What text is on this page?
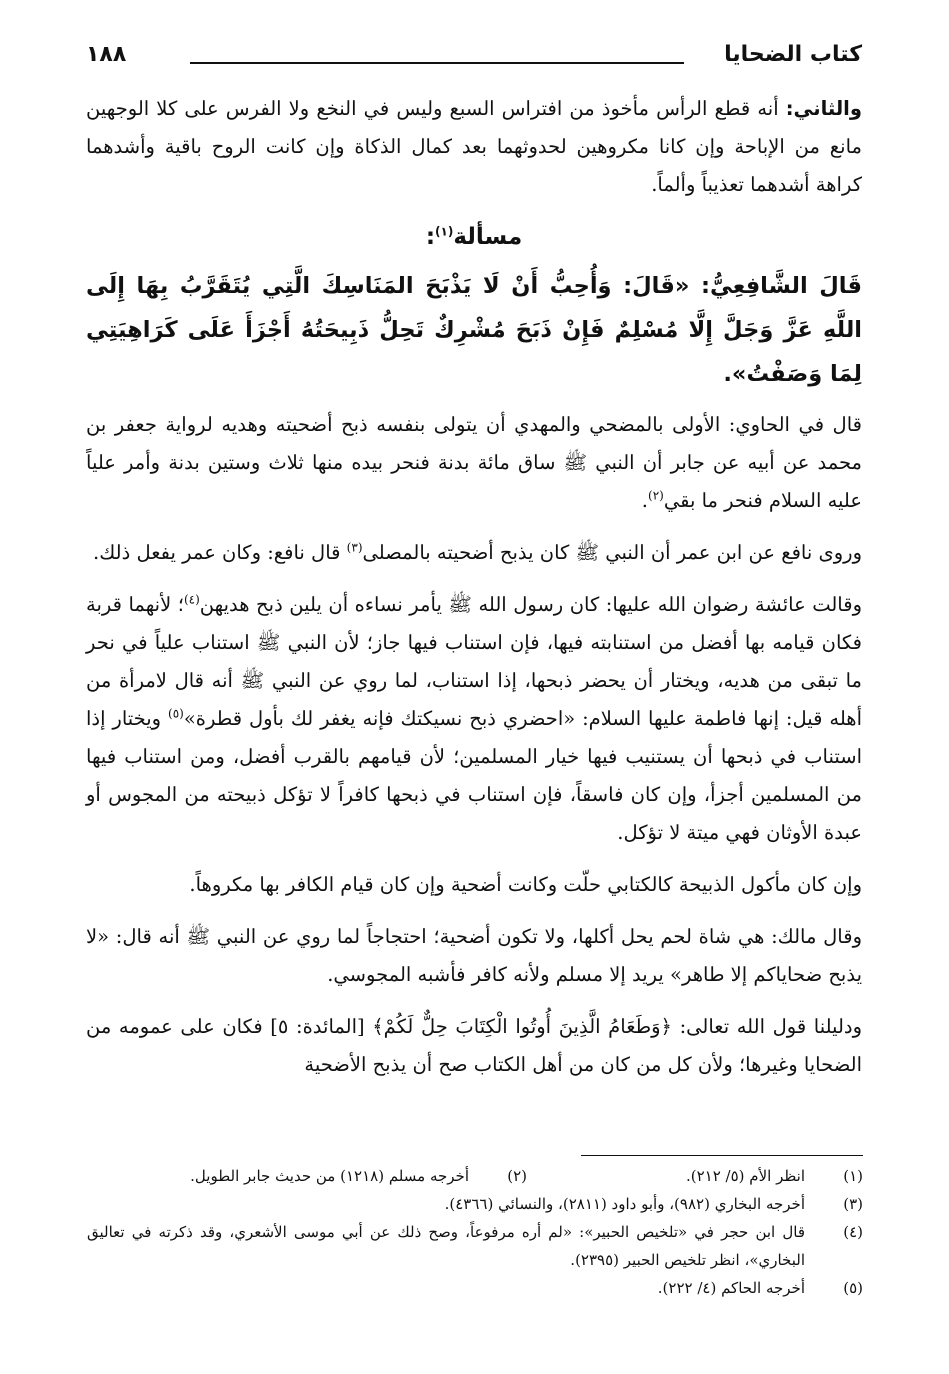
كتاب الضحايا
١٨٨

والثاني: أنه قطع الرأس مأخوذ من افتراس السبع وليس في النخع ولا الفرس على كلا الوجهين مانع من الإباحة وإن كانا مكروهين لحدوثهما بعد كمال الذكاة وإن كانت الروح باقية وأشدهما كراهة أشدهما تعذيباً وألماً.

مسألة$^{(١)}$:

قَالَ الشَّافِعِيُّ: «قَالَ: وَأُحِبُّ أَنْ لَا يَذْبَحَ المَنَاسِكَ الَّتِي يُتَقَرَّبُ بِهَا إِلَى اللَّهِ عَزَّ وَجَلَّ إِلَّا مُسْلِمٌ فَإِنْ ذَبَحَ مُشْرِكٌ تَحِلُّ ذَبِيحَتُهُ أَجْزَأَ عَلَى كَرَاهِيَتِي لِمَا وَصَفْتُ».

قال في الحاوي: الأولى بالمضحي والمهدي أن يتولى بنفسه ذبح أضحيته وهديه لرواية جعفر بن محمد عن أبيه عن جابر أن النبي ﷺ ساق مائة بدنة فنحر بيده منها ثلاث وستين بدنة وأمر علياً عليه السلام فنحر ما بقي$^{(٢)}$.

وروى نافع عن ابن عمر أن النبي ﷺ كان يذبح أضحيته بالمصلى$^{(٣)}$ قال نافع: وكان عمر يفعل ذلك.

وقالت عائشة رضوان الله عليها: كان رسول الله ﷺ يأمر نساءه أن يلين ذبح هديهن$^{(٤)}$؛ لأنهما قربة فكان قيامه بها أفضل من استنابته فيها، فإن استناب فيها جاز؛ لأن النبي ﷺ استناب علياً في نحر ما تبقى من هديه، ويختار أن يحضر ذبحها، إذا استناب، لما روي عن النبي ﷺ أنه قال لامرأة من أهله قيل: إنها فاطمة عليها السلام: «احضري ذبح نسيكتك فإنه يغفر لك بأول قطرة»$^{(٥)}$ ويختار إذا استناب في ذبحها أن يستنيب فيها خيار المسلمين؛ لأن قيامهم بالقرب أفضل، ومن استناب فيها من المسلمين أجزأ، وإن كان فاسقاً، فإن استناب في ذبحها كافراً لا تؤكل ذبيحته من المجوس أو عبدة الأوثان فهي ميتة لا تؤكل.

وإن كان مأكول الذبيحة كالكتابي حلّت وكانت أضحية وإن كان قيام الكافر بها مكروهاً.

وقال مالك: هي شاة لحم يحل أكلها، ولا تكون أضحية؛ احتجاجاً لما روي عن النبي ﷺ أنه قال: «لا يذبح ضحاياكم إلا طاهر» يريد إلا مسلم ولأنه كافر فأشبه المجوسي.

ودليلنا قول الله تعالى: ﴿وَطَعَامُ الَّذِينَ أُوتُوا الْكِتَابَ حِلٌّ لَكُمْ﴾ [المائدة: ٥] فكان على عمومه من الضحايا وغيرها؛ ولأن كل من كان من أهل الكتاب صح أن يذبح الأضحية

(١)
انظر الأم (٥/ ٢١٢).
(٢)
أخرجه مسلم (١٢١٨) من حديث جابر الطويل.
(٣)
أخرجه البخاري (٩٨٢)، وأبو داود (٢٨١١)، والنسائي (٤٣٦٦).
(٤)
قال ابن حجر في «تلخيص الحبير»: «لم أره مرفوعاً، وصح ذلك عن أبي موسى الأشعري، وقد ذكرته في تعاليق البخاري»، انظر تلخيص الحبير (٢٣٩٥).
(٥)
أخرجه الحاكم (٤/ ٢٢٢).
